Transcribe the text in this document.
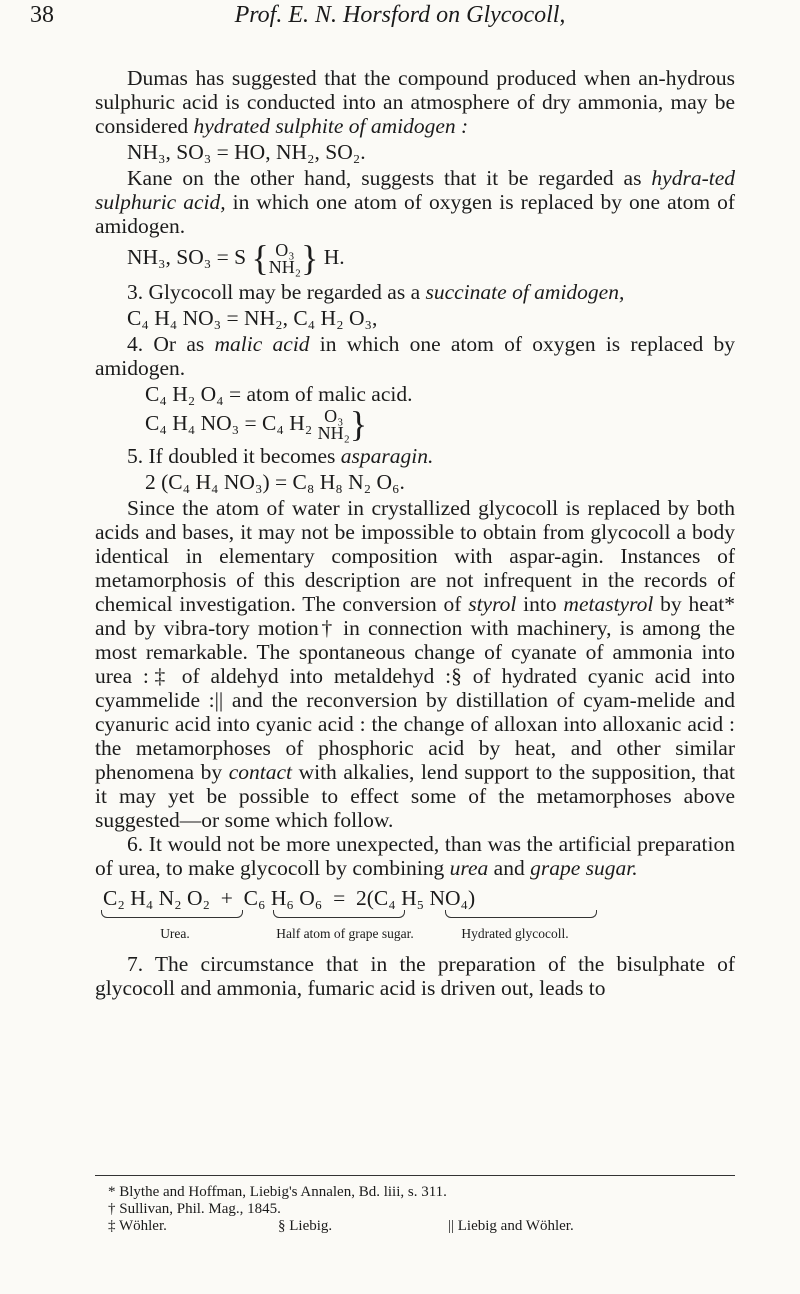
38	Prof. E. N. Horsford on Glycocoll,

Dumas has suggested that the compound produced when an-hydrous sulphuric acid is conducted into an atmosphere of dry ammonia, may be considered hydrated sulphite of amidogen :

NH₃, SO₃ = HO, NH₂, SO₂.

Kane on the other hand, suggests that it be regarded as hydra-ted sulphuric acid, in which one atom of oxygen is replaced by one atom of amidogen.

NH₃, SO₃ = S { O₃
NH₂ } H.

3. Glycocoll may be regarded as a succinate of amidogen,

C₄ H₄ NO₃ = NH₂, C₄ H₂ O₃,

4. Or as malic acid in which one atom of oxygen is replaced by amidogen.

C₄ H₂ O₄ = atom of malic acid.
C₄ H₄ NO₃ = C₄ H₂ O₃
NH₂ }

5. If doubled it becomes asparagin.

2 (C₄ H₄ NO₃) = C₈ H₈ N₂ O₆.

Since the atom of water in crystallized glycocoll is replaced by both acids and bases, it may not be impossible to obtain from glycocoll a body identical in elementary composition with aspar-agin. Instances of metamorphosis of this description are not infrequent in the records of chemical investigation. The conversion of styrol into metastyrol by heat* and by vibra-tory motion† in connection with machinery, is among the most remarkable. The spontaneous change of cyanate of ammonia into urea :‡ of aldehyd into metaldehyd :§ of hydrated cyanic acid into cyammelide :|| and the reconversion by distillation of cyam-melide and cyanuric acid into cyanic acid : the change of alloxan into alloxanic acid : the metamorphoses of phosphoric acid by heat, and other similar phenomena by contact with alkalies, lend support to the supposition, that it may yet be possible to effect some of the metamorphoses above suggested—or some which follow.

6. It would not be more unexpected, than was the artificial preparation of urea, to make glycocoll by combining urea and grape sugar.

C₂ H₄ N₂ O₂ + C₆ H₆ O₆ = 2(C₄ H₅ NO₄)
Urea.	Half atom of grape sugar.	Hydrated glycocoll.

7. The circumstance that in the preparation of the bisulphate of glycocoll and ammonia, fumaric acid is driven out, leads to

* Blythe and Hoffman, Liebig's Annalen, Bd. liii, s. 311.
† Sullivan, Phil. Mag., 1845.
‡ Wöhler.	§ Liebig.	|| Liebig and Wöhler.
